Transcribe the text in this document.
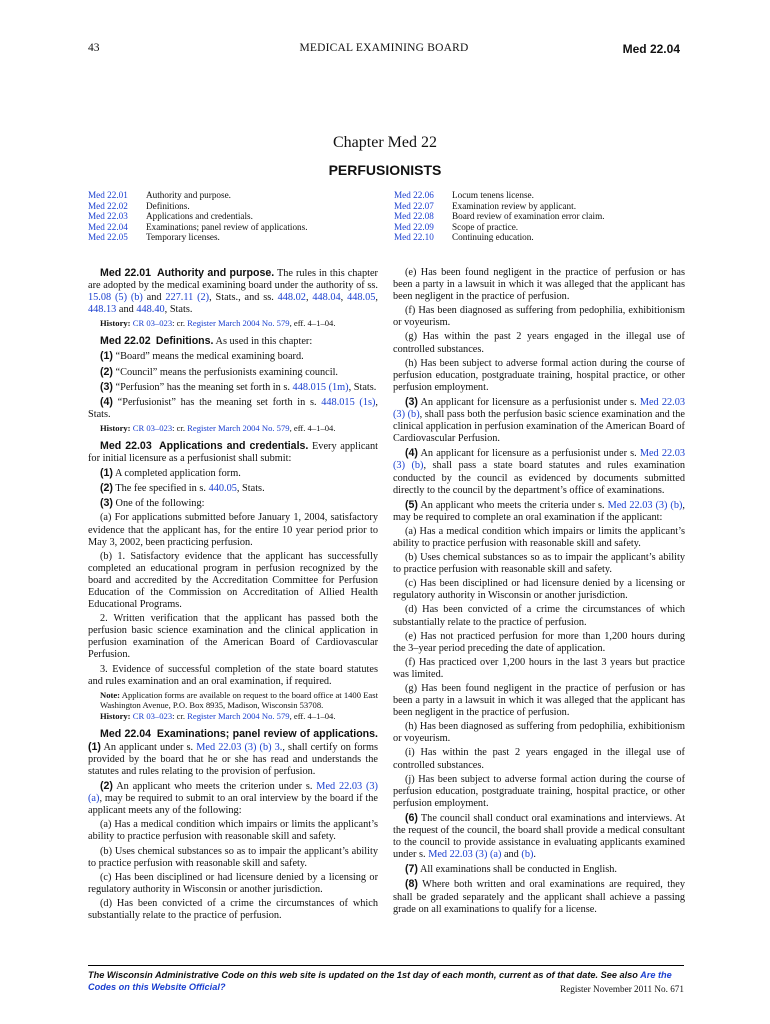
43	MEDICAL EXAMINING BOARD	Med 22.04
Chapter Med 22
PERFUSIONISTS
Med 22.01	Authority and purpose.
Med 22.02	Definitions.
Med 22.03	Applications and credentials.
Med 22.04	Examinations; panel review of applications.
Med 22.05	Temporary licenses.
Med 22.06	Locum tenens license.
Med 22.07	Examination review by applicant.
Med 22.08	Board review of examination error claim.
Med 22.09	Scope of practice.
Med 22.10	Continuing education.

Med 22.01 Authority and purpose. The rules in this chapter are adopted by the medical examining board under the authority of ss. 15.08 (5) (b) and 227.11 (2), Stats., and ss. 448.02, 448.04, 448.05, 448.13 and 448.40, Stats.

History: CR 03–023: cr. Register March 2004 No. 579, eff. 4–1–04.

Med 22.02 Definitions. As used in this chapter:

(1) “Board” means the medical examining board.

(2) “Council” means the perfusionists examining council.

(3) “Perfusion” has the meaning set forth in s. 448.015 (1m), Stats.

(4) “Perfusionist” has the meaning set forth in s. 448.015 (1s), Stats.

History: CR 03–023: cr. Register March 2004 No. 579, eff. 4–1–04.

Med 22.03 Applications and credentials. Every applicant for initial licensure as a perfusionist shall submit:

(1) A completed application form.

(2) The fee specified in s. 440.05, Stats.

(3) One of the following:

(a) For applications submitted before January 1, 2004, satisfactory evidence that the applicant has, for the entire 10 year period prior to May 3, 2002, been practicing perfusion.

(b) 1. Satisfactory evidence that the applicant has successfully completed an educational program in perfusion recognized by the board and accredited by the Accreditation Committee for Perfusion Education of the Commission on Accreditation of Allied Health Educational Programs.

2. Written verification that the applicant has passed both the perfusion basic science examination and the clinical application in perfusion examination of the American Board of Cardiovascular Perfusion.

3. Evidence of successful completion of the state board statutes and rules examination and an oral examination, if required.

Note: Application forms are available on request to the board office at 1400 East Washington Avenue, P.O. Box 8935, Madison, Wisconsin 53708.

History: CR 03–023: cr. Register March 2004 No. 579, eff. 4–1–04.

Med 22.04 Examinations; panel review of applications. (1) An applicant under s. Med 22.03 (3) (b) 3., shall certify on forms provided by the board that he or she has read and understands the statutes and rules relating to the provision of perfusion.

(2) An applicant who meets the criterion under s. Med 22.03 (3) (a), may be required to submit to an oral interview by the board if the applicant meets any of the following:

(a) Has a medical condition which impairs or limits the applicant’s ability to practice perfusion with reasonable skill and safety.

(b) Uses chemical substances so as to impair the applicant’s ability to practice perfusion with reasonable skill and safety.

(c) Has been disciplined or had licensure denied by a licensing or regulatory authority in Wisconsin or another jurisdiction.

(d) Has been convicted of a crime the circumstances of which substantially relate to the practice of perfusion.

(e) Has been found negligent in the practice of perfusion or has been a party in a lawsuit in which it was alleged that the applicant has been negligent in the practice of perfusion.

(f) Has been diagnosed as suffering from pedophilia, exhibitionism or voyeurism.

(g) Has within the past 2 years engaged in the illegal use of controlled substances.

(h) Has been subject to adverse formal action during the course of perfusion education, postgraduate training, hospital practice, or other perfusion employment.

(3) An applicant for licensure as a perfusionist under s. Med 22.03 (3) (b), shall pass both the perfusion basic science examination and the clinical application in perfusion examination of the American Board of Cardiovascular Perfusion.

(4) An applicant for licensure as a perfusionist under s. Med 22.03 (3) (b), shall pass a state board statutes and rules examination conducted by the council as evidenced by documents submitted directly to the council by the department’s office of examinations.

(5) An applicant who meets the criteria under s. Med 22.03 (3) (b), may be required to complete an oral examination if the applicant:

(a) Has a medical condition which impairs or limits the applicant’s ability to practice perfusion with reasonable skill and safety.

(b) Uses chemical substances so as to impair the applicant’s ability to practice perfusion with reasonable skill and safety.

(c) Has been disciplined or had licensure denied by a licensing or regulatory authority in Wisconsin or another jurisdiction.

(d) Has been convicted of a crime the circumstances of which substantially relate to the practice of perfusion.

(e) Has not practiced perfusion for more than 1,200 hours during the 3–year period preceding the date of application.

(f) Has practiced over 1,200 hours in the last 3 years but practice was limited.

(g) Has been found negligent in the practice of perfusion or has been a party in a lawsuit in which it was alleged that the applicant has been negligent in the practice of perfusion.

(h) Has been diagnosed as suffering from pedophilia, exhibitionism or voyeurism.

(i) Has within the past 2 years engaged in the illegal use of controlled substances.

(j) Has been subject to adverse formal action during the course of perfusion education, postgraduate training, hospital practice, or other perfusion employment.

(6) The council shall conduct oral examinations and interviews. At the request of the council, the board shall provide a medical consultant to the council to provide assistance in evaluating applicants examined under s. Med 22.03 (3) (a) and (b).

(7) All examinations shall be conducted in English.

(8) Where both written and oral examinations are required, they shall be graded separately and the applicant shall achieve a passing grade on all examinations to qualify for a license.

The Wisconsin Administrative Code on this web site is updated on the 1st day of each month, current as of that date. See also Are the Codes on this Website Official?	Register November 2011 No. 671
